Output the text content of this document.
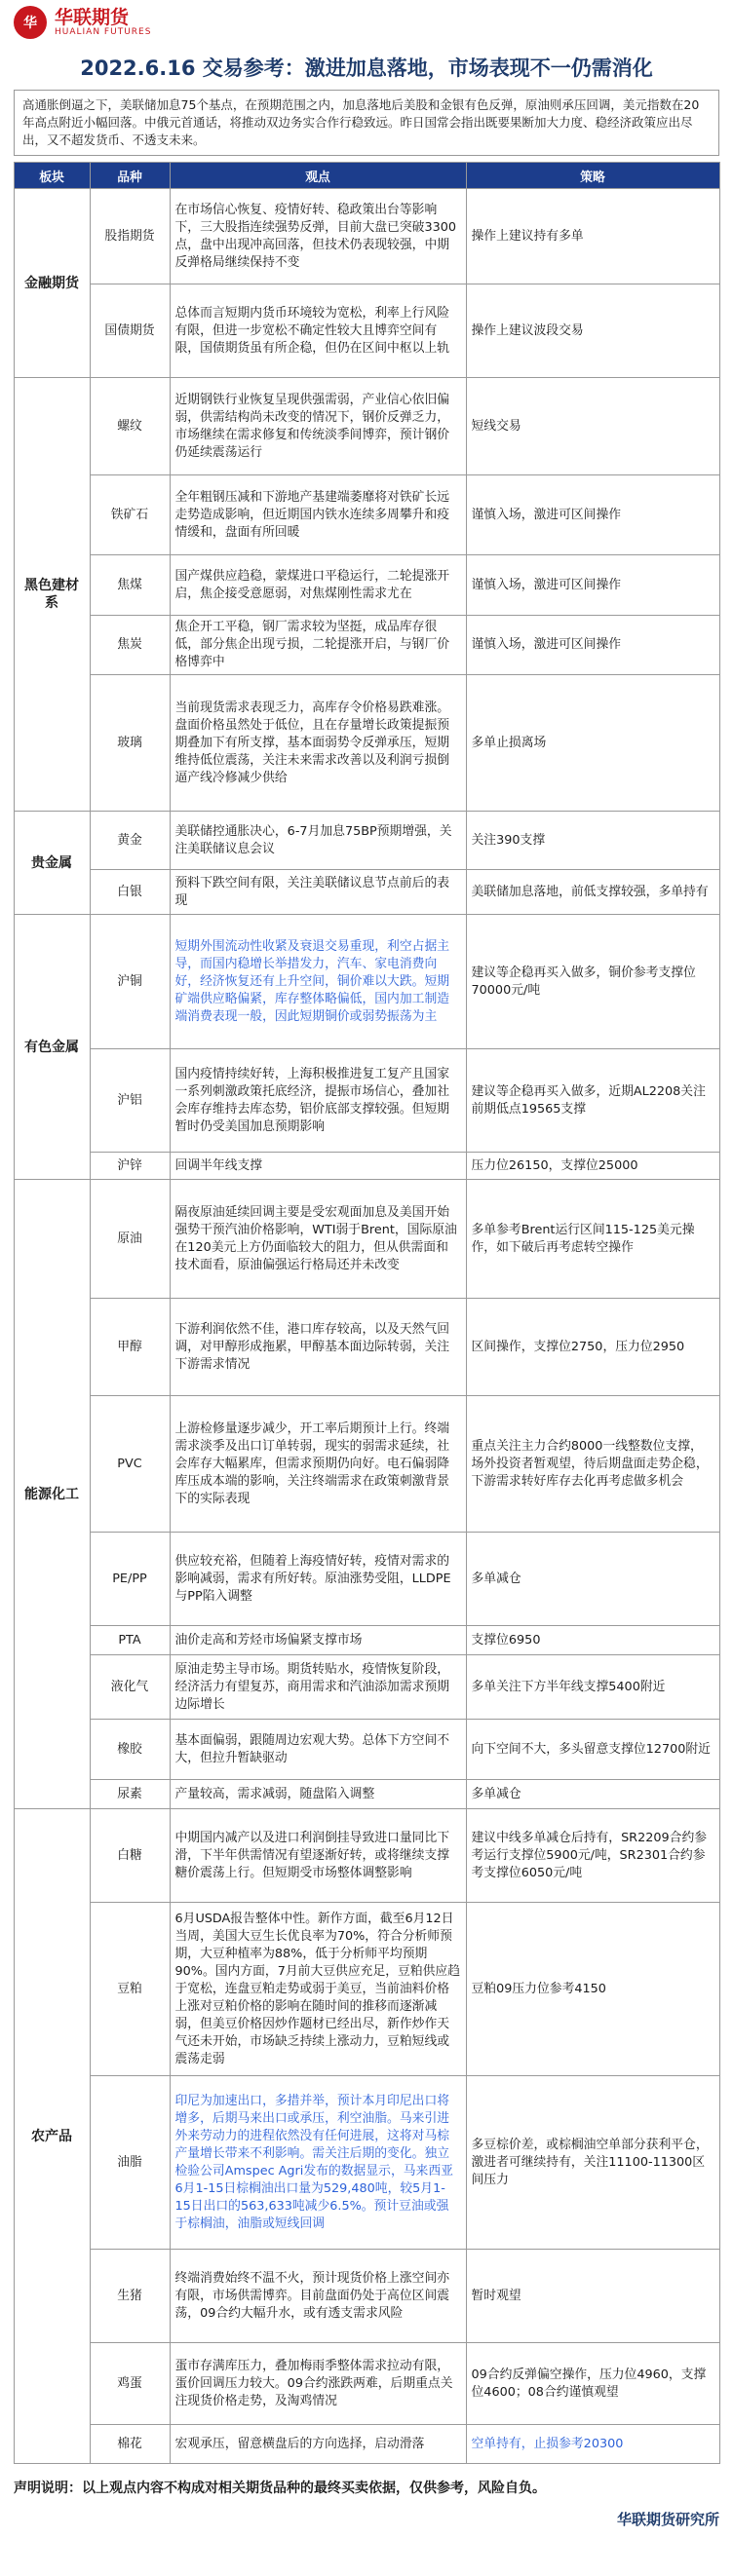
华 华联期货
HUALIAN FUTURES
2022.6.16 交易参考：激进加息落地，市场表现不一仍需消化
高通胀倒逼之下，美联储加息75个基点，在预期范围之内，加息落地后美股和金银有色反弹，原油则承压回调，美元指数在20年高点附近小幅回落。中俄元首通话，将推动双边务实合作行稳致远。昨日国常会指出既要果断加大力度、稳经济政策应出尽出，又不超发货币、不透支未来。
板块	品种	观点	策略
金融期货	股指期货	在市场信心恢复、疫情好转、稳政策出台等影响下，三大股指连续强势反弹，目前大盘已突破3300点，盘中出现冲高回落，但技术仍表现较强，中期反弹格局继续保持不变	操作上建议持有多单
	国债期货	总体而言短期内货币环境较为宽松，利率上行风险有限，但进一步宽松不确定性较大且博弈空间有限，国债期货虽有所企稳，但仍在区间中枢以上轨	操作上建议波段交易
黑色建材系	螺纹	近期钢铁行业恢复呈现供强需弱，产业信心依旧偏弱，供需结构尚未改变的情况下，钢价反弹乏力，市场继续在需求修复和传统淡季间博弈，预计钢价仍延续震荡运行	短线交易
	铁矿石	全年粗钢压减和下游地产基建端萎靡将对铁矿长远走势造成影响，但近期国内铁水连续多周攀升和疫情缓和，盘面有所回暖	谨慎入场，激进可区间操作
	焦煤	国产煤供应趋稳，蒙煤进口平稳运行，二轮提涨开启，焦企接受意愿弱，对焦煤刚性需求尤在	谨慎入场，激进可区间操作
	焦炭	焦企开工平稳，钢厂需求较为坚挺，成品库存很低，部分焦企出现亏损，二轮提涨开启，与钢厂价格博弈中	谨慎入场，激进可区间操作
	玻璃	当前现货需求表现乏力，高库存令价格易跌难涨。盘面价格虽然处于低位，且在存量增长政策提振预期叠加下有所支撑，基本面弱势令反弹承压，短期维持低位震荡，关注未来需求改善以及利润亏损倒逼产线冷修减少供给	多单止损离场
贵金属	黄金	美联储控通胀决心，6-7月加息75BP预期增强，关注美联储议息会议	关注390支撑
	白银	预料下跌空间有限，关注美联储议息节点前后的表现	美联储加息落地，前低支撑较强，多单持有
有色金属	沪铜	短期外围流动性收紧及衰退交易重现，利空占据主导，而国内稳增长举措发力，汽车、家电消费向好，经济恢复还有上升空间，铜价难以大跌。短期矿端供应略偏紧，库存整体略偏低，国内加工制造端消费表现一般，因此短期铜价或弱势振荡为主	建议等企稳再买入做多，铜价参考支撑位70000元/吨
	沪铝	国内疫情持续好转，上海积极推进复工复产且国家一系列刺激政策托底经济，提振市场信心，叠加社会库存维持去库态势，铝价底部支撑较强。但短期暂时仍受美国加息预期影响	建议等企稳再买入做多，近期AL2208关注前期低点19565支撑
	沪锌	回调半年线支撑	压力位26150，支撑位25000
能源化工	原油	隔夜原油延续回调主要是受宏观面加息及美国开始强势干预汽油价格影响，WTI弱于Brent，国际原油在120美元上方仍面临较大的阻力，但从供需面和技术面看，原油偏强运行格局还并未改变	多单参考Brent运行区间115-125美元操作，如下破后再考虑转空操作
	甲醇	下游利润依然不佳，港口库存较高，以及天然气回调，对甲醇形成拖累，甲醇基本面边际转弱，关注下游需求情况	区间操作，支撑位2750，压力位2950
	PVC	上游检修量逐步减少，开工率后期预计上行。终端需求淡季及出口订单转弱，现实的弱需求延续，社会库存大幅累库，但需求预期仍向好。电石偏弱降库压成本端的影响，关注终端需求在政策刺激背景下的实际表现	重点关注主力合约8000一线整数位支撑，场外投资者暂观望，待后期盘面走势企稳，下游需求转好库存去化再考虑做多机会
	PE/PP	供应较充裕，但随着上海疫情好转，疫情对需求的影响减弱，需求有所好转。原油涨势受阻，LLDPE与PP陷入调整	多单减仓
	PTA	油价走高和芳烃市场偏紧支撑市场	支撑位6950
	液化气	原油走势主导市场。期货转贴水，疫情恢复阶段，经济活力有望复苏，商用需求和汽油添加需求预期边际增长	多单关注下方半年线支撑5400附近
	橡胶	基本面偏弱，跟随周边宏观大势。总体下方空间不大，但拉升暂缺驱动	向下空间不大，多头留意支撑位12700附近
	尿素	产量较高，需求减弱，随盘陷入调整	多单减仓
农产品	白糖	中期国内减产以及进口利润倒挂导致进口量同比下滑，下半年供需情况有望逐渐好转，或将继续支撑糖价震荡上行。但短期受市场整体调整影响	建议中线多单减仓后持有，SR2209合约参考运行支撑位5900元/吨，SR2301合约参考支撑位6050元/吨
	豆粕	6月USDA报告整体中性。新作方面，截至6月12日当周，美国大豆生长优良率为70%，符合分析师预期，大豆种植率为88%，低于分析师平均预期90%。国内方面，7月前大豆供应充足，豆粕供应趋于宽松，连盘豆粕走势或弱于美豆，当前油料价格上涨对豆粕价格的影响在随时间的推移而逐渐减弱，但美豆价格因炒作题材已经出尽，新作炒作天气还未开始，市场缺乏持续上涨动力，豆粕短线或震荡走弱	豆粕09压力位参考4150
	油脂	印尼为加速出口，多措并举，预计本月印尼出口将增多，后期马来出口或承压，利空油脂。马来引进外来劳动力的进程依然没有任何进展，这将对马棕产量增长带来不利影响。需关注后期的变化。独立检验公司Amspec Agri发布的数据显示，马来西亚6月1-15日棕榈油出口量为529,480吨，较5月1-15日出口的563,633吨减少6.5%。预计豆油或强于棕榈油，油脂或短线回调	多豆棕价差，或棕榈油空单部分获利平仓，激进者可继续持有，关注11100-11300区间压力
	生猪	终端消费始终不温不火，预计现货价格上涨空间亦有限，市场供需博弈。目前盘面仍处于高位区间震荡，09合约大幅升水，或有透支需求风险	暂时观望
	鸡蛋	蛋市存满库压力，叠加梅雨季整体需求拉动有限，蛋价回调压力较大。09合约涨跌两难，后期重点关注现货价格走势，及淘鸡情况	09合约反弹偏空操作，压力位4960，支撑位4600；08合约谨慎观望
	棉花	宏观承压，留意横盘后的方向选择，启动滑落	空单持有，止损参考20300
声明说明：以上观点内容不构成对相关期货品种的最终买卖依据，仅供参考，风险自负。
华联期货研究所
